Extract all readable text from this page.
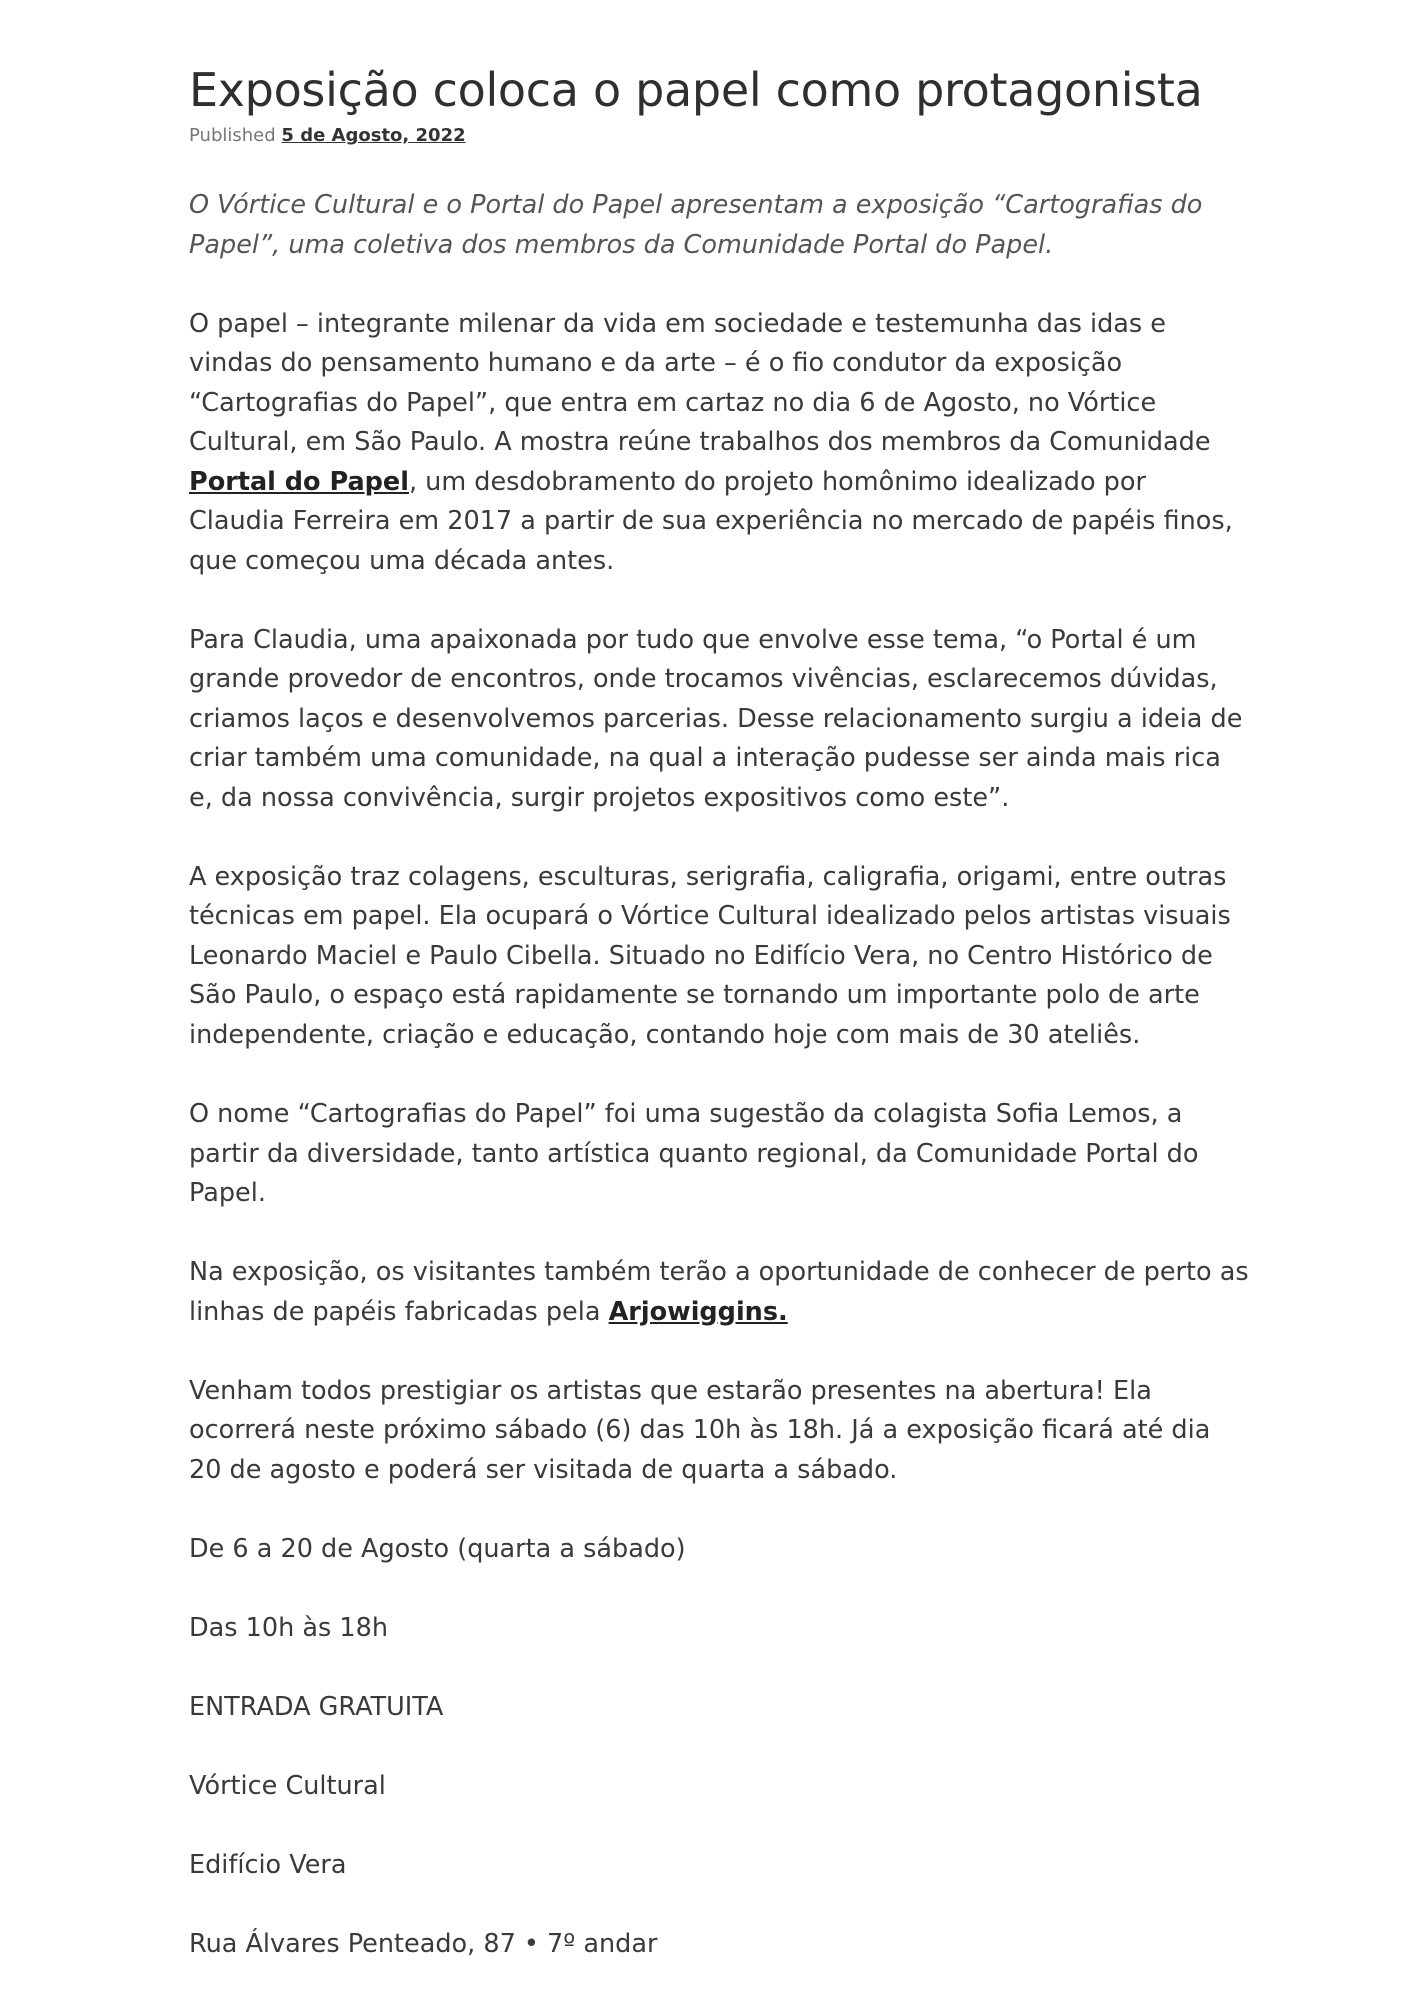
Exposição coloca o papel como protagonista
Published 5 de Agosto, 2022

O Vórtice Cultural e o Portal do Papel apresentam a exposição “Cartografias do Papel”, uma coletiva dos membros da Comunidade Portal do Papel.

O papel – integrante milenar da vida em sociedade e testemunha das idas e vindas do pensamento humano e da arte – é o fio condutor da exposição “Cartografias do Papel”, que entra em cartaz no dia 6 de Agosto, no Vórtice Cultural, em São Paulo. A mostra reúne trabalhos dos membros da Comunidade Portal do Papel, um desdobramento do projeto homônimo idealizado por Claudia Ferreira em 2017 a partir de sua experiência no mercado de papéis finos, que começou uma década antes.

Para Claudia, uma apaixonada por tudo que envolve esse tema, “o Portal é um grande provedor de encontros, onde trocamos vivências, esclarecemos dúvidas, criamos laços e desenvolvemos parcerias. Desse relacionamento surgiu a ideia de criar também uma comunidade, na qual a interação pudesse ser ainda mais rica e, da nossa convivência, surgir projetos expositivos como este”.

A exposição traz colagens, esculturas, serigrafia, caligrafia, origami, entre outras técnicas em papel. Ela ocupará o Vórtice Cultural idealizado pelos artistas visuais Leonardo Maciel e Paulo Cibella. Situado no Edifício Vera, no Centro Histórico de São Paulo, o espaço está rapidamente se tornando um importante polo de arte independente, criação e educação, contando hoje com mais de 30 ateliês.

O nome “Cartografias do Papel” foi uma sugestão da colagista Sofia Lemos, a partir da diversidade, tanto artística quanto regional, da Comunidade Portal do Papel.

Na exposição, os visitantes também terão a oportunidade de conhecer de perto as linhas de papéis fabricadas pela Arjowiggins.

Venham todos prestigiar os artistas que estarão presentes na abertura! Ela ocorrerá neste próximo sábado (6) das 10h às 18h. Já a exposição ficará até dia 20 de agosto e poderá ser visitada de quarta a sábado.

De 6 a 20 de Agosto (quarta a sábado)

Das 10h às 18h

ENTRADA GRATUITA

Vórtice Cultural

Edifício Vera

Rua Álvares Penteado, 87 • 7º andar
